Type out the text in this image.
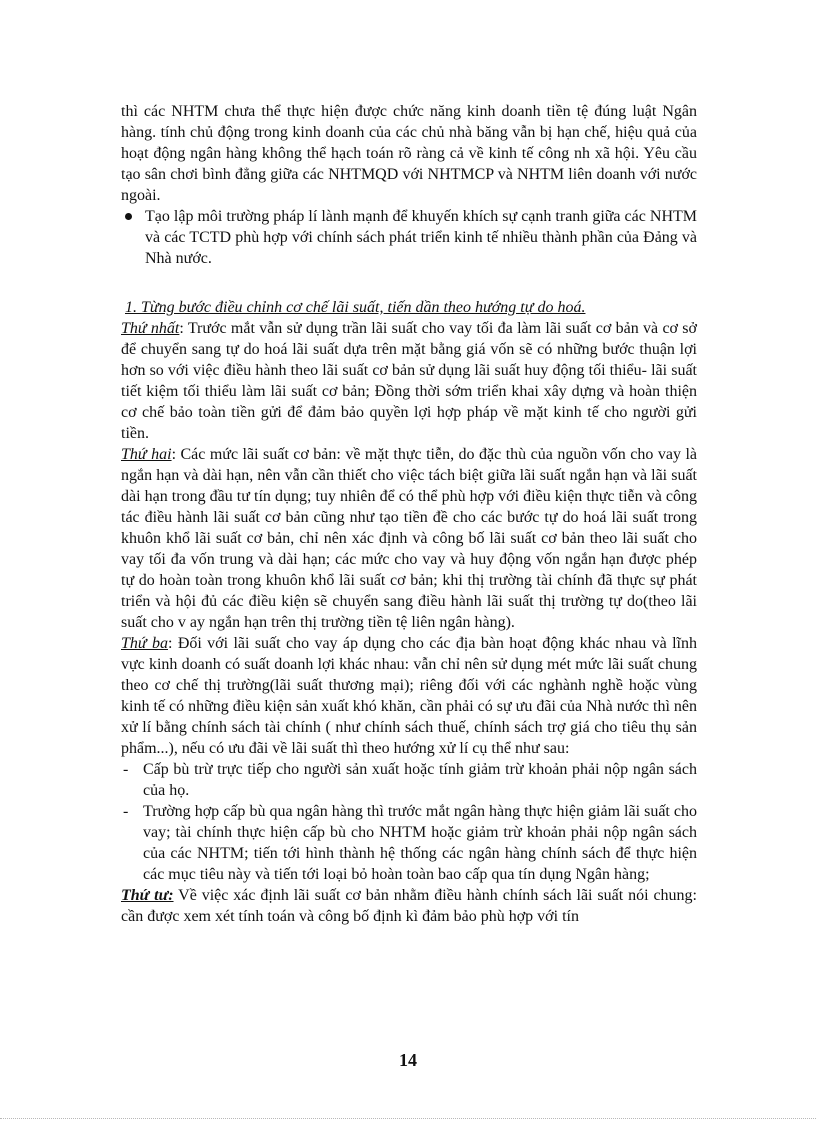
thì các NHTM chưa thể thực hiện được chức năng kinh doanh tiền tệ đúng luật Ngân hàng. tính chủ động trong kinh doanh của các chủ nhà băng vẫn bị hạn chế, hiệu quả của hoạt động ngân hàng không thể hạch toán rõ ràng cả về kinh tế công nh xã hội. Yêu cầu tạo sân chơi bình đẳng giữa các NHTMQD với NHTMCP và NHTM liên doanh với nước ngoài.

Tạo lập môi trường pháp lí lành mạnh để khuyến khích sự cạnh tranh giữa các NHTM và các TCTD phù hợp với chính sách phát triển kinh tế nhiều thành phần của Đảng và Nhà nước.

1. Từng bước điều chỉnh cơ chế lãi suất, tiến dần theo hướng tự do hoá.

Thứ nhất: Trước mắt vẫn sử dụng trần lãi suất cho vay tối đa làm lãi suất cơ bản và cơ sở để chuyển sang tự do hoá lãi suất dựa trên mặt bằng giá vốn sẽ có những bước thuận lợi hơn so với việc điều hành theo lãi suất cơ bản sử dụng lãi suất huy động tối thiểu- lãi suất tiết kiệm tối thiểu làm lãi suất cơ bản; Đồng thời sớm triển khai xây dựng và hoàn thiện cơ chế bảo toàn tiền gửi để đảm bảo quyền lợi hợp pháp về mặt kinh tế cho người gửi tiền.

Thứ hai: Các mức lãi suất cơ bản: về mặt thực tiễn, do đặc thù của nguồn vốn cho vay là ngắn hạn và dài hạn, nên vẫn cần thiết cho việc tách biệt giữa lãi suất ngắn hạn và lãi suất dài hạn trong đầu tư tín dụng; tuy nhiên để có thể phù hợp với điều kiện thực tiễn và công tác điều hành lãi suất cơ bản cũng như tạo tiền đề cho các bước tự do hoá lãi suất trong khuôn khổ lãi suất cơ bản, chỉ nên xác định và công bố lãi suất cơ bản theo lãi suất cho vay tối đa vốn trung và dài hạn; các mức cho vay và huy động vốn ngắn hạn được phép tự do hoàn toàn trong khuôn khổ lãi suất cơ bản; khi thị trường tài chính đã thực sự phát triển và hội đủ các điều kiện sẽ chuyển sang điều hành lãi suất thị trường tự do(theo lãi suất cho v ay ngắn hạn trên thị trường tiền tệ liên ngân hàng).

Thứ ba: Đối với lãi suất cho vay áp dụng cho các địa bàn hoạt động khác nhau và lĩnh vực kinh doanh có suất doanh lợi khác nhau: vẫn chỉ nên sử dụng mét mức lãi suất chung theo cơ chế thị trường(lãi suất thương mại); riêng đối với các nghành nghề hoặc vùng kinh tế có những điều kiện sản xuất khó khăn, cần phải có sự ưu đãi của Nhà nước thì nên xử lí bằng chính sách tài chính ( như chính sách thuế, chính sách trợ giá cho tiêu thụ sản phẩm...), nếu có ưu đãi về lãi suất thì theo hướng xử lí cụ thể như sau:

- Cấp bù trừ trực tiếp cho người sản xuất hoặc tính giảm trừ khoản phải nộp ngân sách của họ.

- Trường hợp cấp bù qua ngân hàng thì trước mắt ngân hàng thực hiện giảm lãi suất cho vay; tài chính thực hiện cấp bù cho NHTM hoặc giảm trừ khoản phải nộp ngân sách của các NHTM; tiến tới hình thành hệ thống các ngân hàng chính sách để thực hiện các mục tiêu này và tiến tới loại bỏ hoàn toàn bao cấp qua tín dụng Ngân hàng;

Thứ tư: Về việc xác định lãi suất cơ bản nhằm điều hành chính sách lãi suất nói chung: cần được xem xét tính toán và công bố định kì đảm bảo phù hợp với tín

14
